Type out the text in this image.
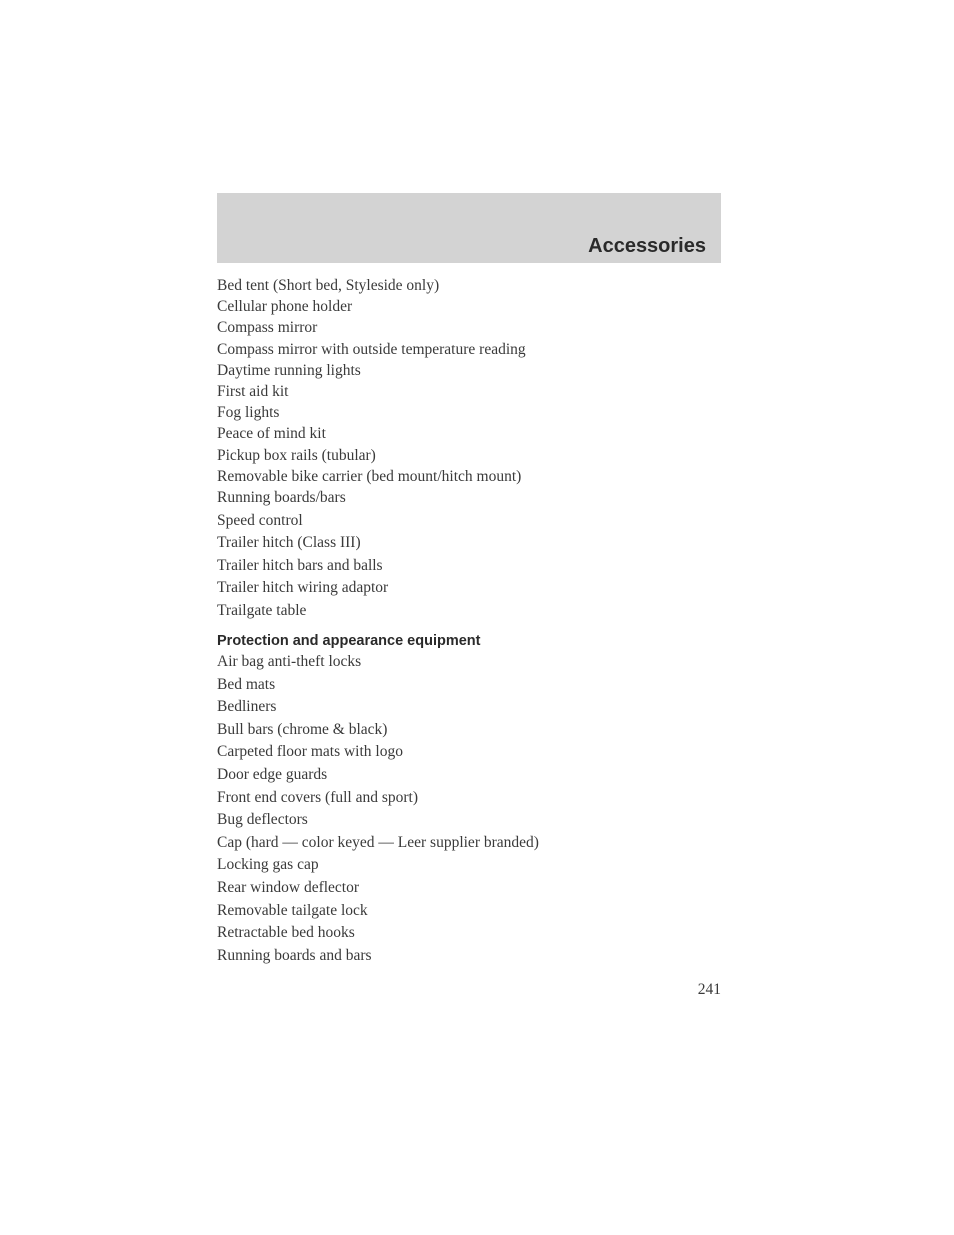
Accessories
Bed tent (Short bed, Styleside only)
Cellular phone holder
Compass mirror
Compass mirror with outside temperature reading
Daytime running lights
First aid kit
Fog lights
Peace of mind kit
Pickup box rails (tubular)
Removable bike carrier (bed mount/hitch mount)
Running boards/bars
Speed control
Trailer hitch (Class III)
Trailer hitch bars and balls
Trailer hitch wiring adaptor
Trailgate table
Protection and appearance equipment
Air bag anti-theft locks
Bed mats
Bedliners
Bull bars (chrome & black)
Carpeted floor mats with logo
Door edge guards
Front end covers (full and sport)
Bug deflectors
Cap (hard — color keyed — Leer supplier branded)
Locking gas cap
Rear window deflector
Removable tailgate lock
Retractable bed hooks
Running boards and bars
241
